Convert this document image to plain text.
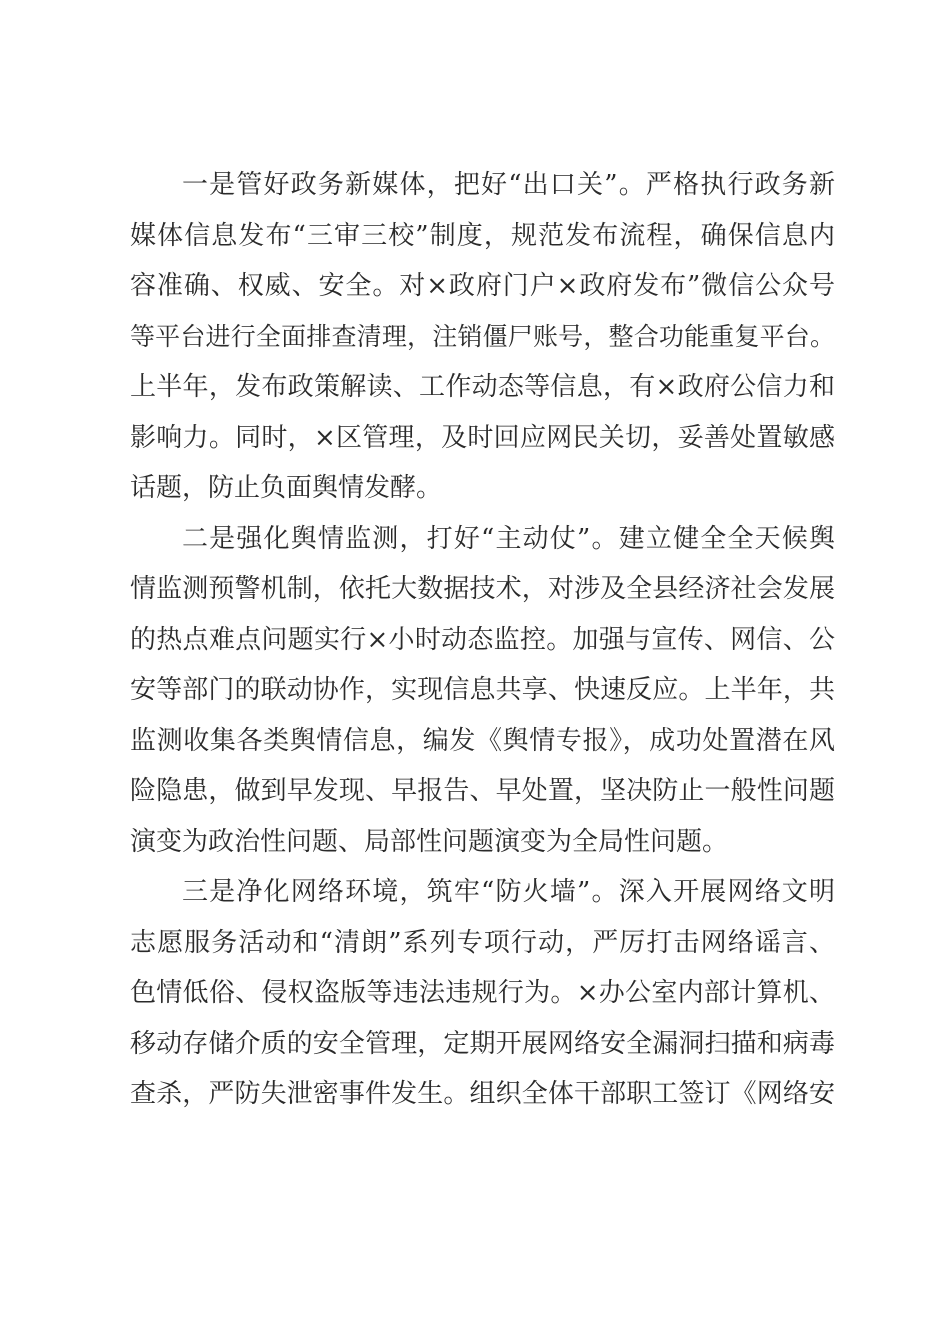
一是管好政务新媒体，把好“出口关”。严格执行政务新
媒体信息发布“三审三校”制度，规范发布流程，确保信息内
容准确、权威、安全。对×政府门户×政府发布”微信公众号
等平台进行全面排查清理，注销僵尸账号，整合功能重复平台。
上半年，发布政策解读、工作动态等信息，有×政府公信力和
影响力。同时，×区管理，及时回应网民关切，妥善处置敏感
话题，防止负面舆情发酵。
二是强化舆情监测，打好“主动仗”。建立健全全天候舆
情监测预警机制，依托大数据技术，对涉及全县经济社会发展
的热点难点问题实行×小时动态监控。加强与宣传、网信、公
安等部门的联动协作，实现信息共享、快速反应。上半年，共
监测收集各类舆情信息，编发《舆情专报》，成功处置潜在风
险隐患，做到早发现、早报告、早处置，坚决防止一般性问题
演变为政治性问题、局部性问题演变为全局性问题。
三是净化网络环境，筑牢“防火墙”。深入开展网络文明
志愿服务活动和“清朗”系列专项行动，严厉打击网络谣言、
色情低俗、侵权盗版等违法违规行为。×办公室内部计算机、
移动存储介质的安全管理，定期开展网络安全漏洞扫描和病毒
查杀，严防失泄密事件发生。组织全体干部职工签订《网络安
